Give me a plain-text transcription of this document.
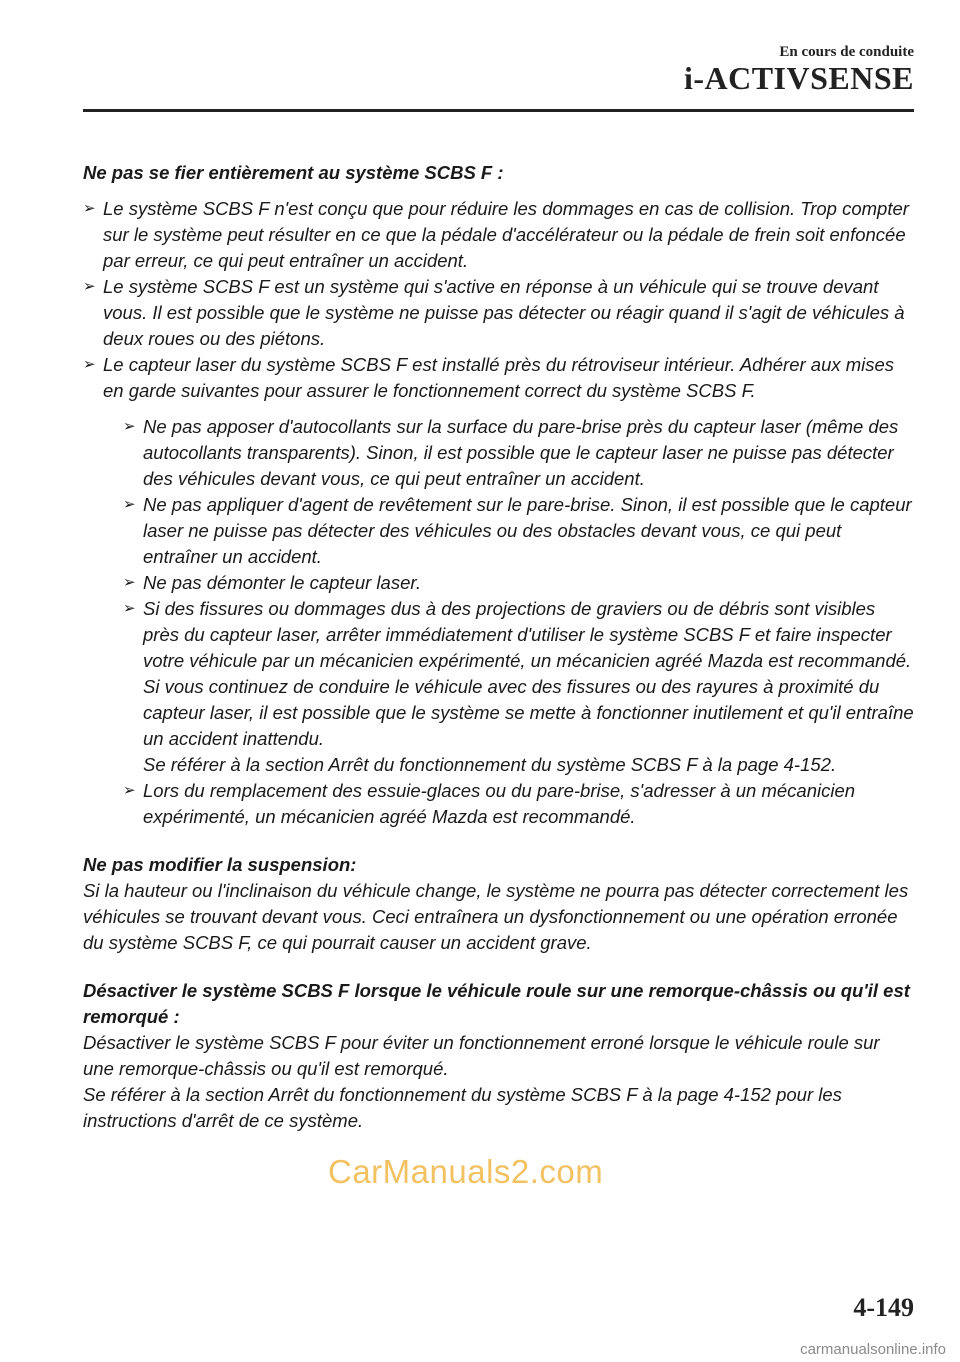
En cours de conduite
i-ACTIVSENSE

Ne pas se fier entièrement au système SCBS F :

➢ Le système SCBS F n'est conçu que pour réduire les dommages en cas de collision. Trop compter sur le système peut résulter en ce que la pédale d'accélérateur ou la pédale de frein soit enfoncée par erreur, ce qui peut entraîner un accident.
➢ Le système SCBS F est un système qui s'active en réponse à un véhicule qui se trouve devant vous. Il est possible que le système ne puisse pas détecter ou réagir quand il s'agit de véhicules à deux roues ou des piétons.
➢ Le capteur laser du système SCBS F est installé près du rétroviseur intérieur. Adhérer aux mises en garde suivantes pour assurer le fonctionnement correct du système SCBS F.
➢ Ne pas apposer d'autocollants sur la surface du pare-brise près du capteur laser (même des autocollants transparents). Sinon, il est possible que le capteur laser ne puisse pas détecter des véhicules devant vous, ce qui peut entraîner un accident.
➢ Ne pas appliquer d'agent de revêtement sur le pare-brise. Sinon, il est possible que le capteur laser ne puisse pas détecter des véhicules ou des obstacles devant vous, ce qui peut entraîner un accident.
➢ Ne pas démonter le capteur laser.
➢ Si des fissures ou dommages dus à des projections de graviers ou de débris sont visibles près du capteur laser, arrêter immédiatement d'utiliser le système SCBS F et faire inspecter votre véhicule par un mécanicien expérimenté, un mécanicien agréé Mazda est recommandé. Si vous continuez de conduire le véhicule avec des fissures ou des rayures à proximité du capteur laser, il est possible que le système se mette à fonctionner inutilement et qu'il entraîne un accident inattendu.
Se référer à la section Arrêt du fonctionnement du système SCBS F à la page 4-152.
➢ Lors du remplacement des essuie-glaces ou du pare-brise, s'adresser à un mécanicien expérimenté, un mécanicien agréé Mazda est recommandé.

Ne pas modifier la suspension:

Si la hauteur ou l'inclinaison du véhicule change, le système ne pourra pas détecter correctement les véhicules se trouvant devant vous. Ceci entraînera un dysfonctionnement ou une opération erronée du système SCBS F, ce qui pourrait causer un accident grave.

Désactiver le système SCBS F lorsque le véhicule roule sur une remorque-châssis ou qu'il est remorqué :

Désactiver le système SCBS F pour éviter un fonctionnement erroné lorsque le véhicule roule sur une remorque-châssis ou qu'il est remorqué.

Se référer à la section Arrêt du fonctionnement du système SCBS F à la page 4-152 pour les instructions d'arrêt de ce système.

CarManuals2.com
4-149
carmanualsonline.info
